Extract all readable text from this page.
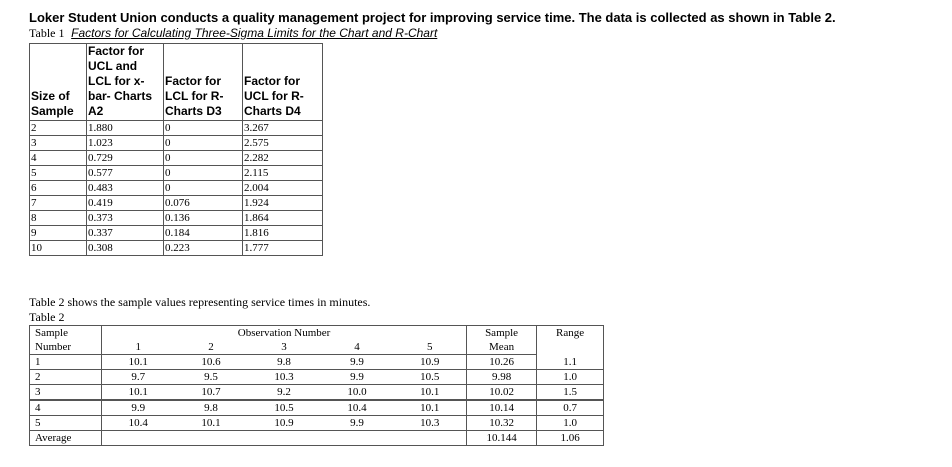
Loker Student Union conducts a quality management project for improving service time. The data is collected as shown in Table 2.
Table 1 Factors for Calculating Three-Sigma Limits for the Chart and R-Chart
Size of Sample	Factor for UCL and LCL for x-bar- Charts A2	Factor for LCL for R-Charts D3	Factor for UCL for R-Charts D4
2	1.880	0	3.267
3	1.023	0	2.575
4	0.729	0	2.282
5	0.577	0	2.115
6	0.483	0	2.004
7	0.419	0.076	1.924
8	0.373	0.136	1.864
9	0.337	0.184	1.816
10	0.308	0.223	1.777
Table 2 shows the sample values representing service times in minutes.
Table 2
Sample	Observation Number					Sample	Range
Number	1	2	3	4	5	Mean	
1	10.1	10.6	9.8	9.9	10.9	10.26	1.1
2	9.7	9.5	10.3	9.9	10.5	9.98	1.0
3	10.1	10.7	9.2	10.0	10.1	10.02	1.5
4	9.9	9.8	10.5	10.4	10.1	10.14	0.7
5	10.4	10.1	10.9	9.9	10.3	10.32	1.0
Average						10.144	1.06
